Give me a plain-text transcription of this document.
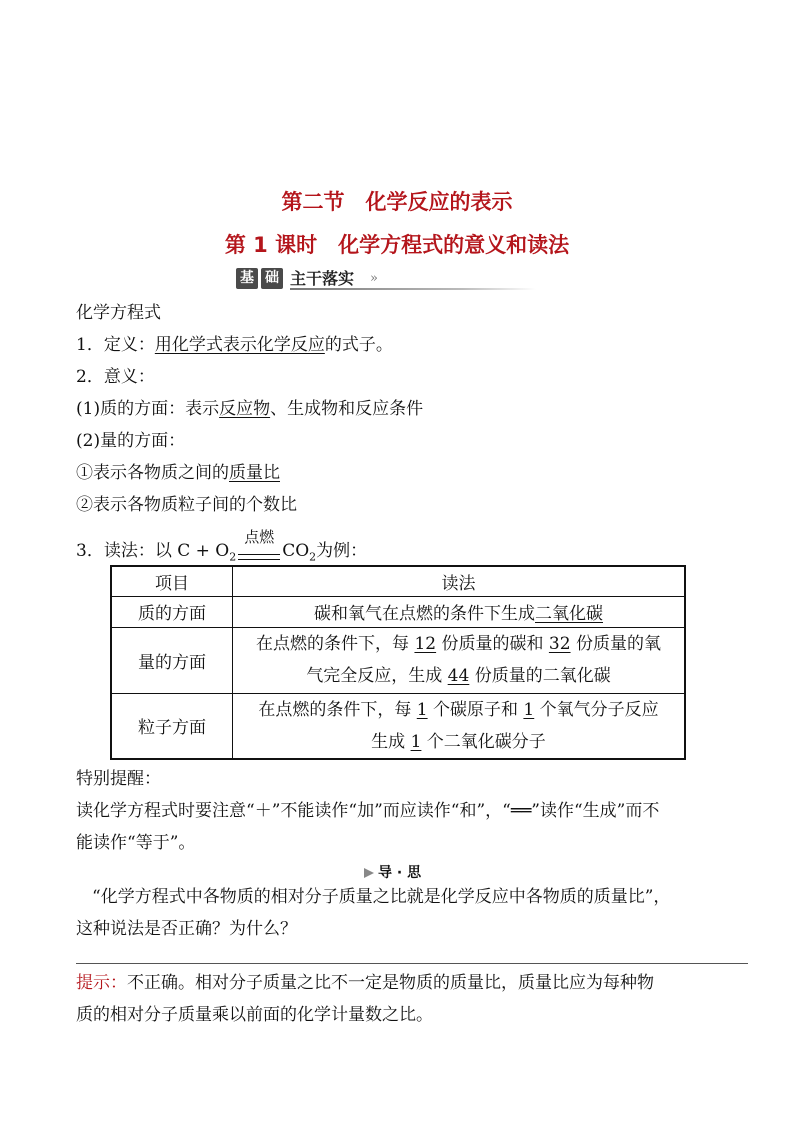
第二节　化学反应的表示
第 1 课时　化学方程式的意义和读法
基 础 主干落实 »
化学方程式
1．定义：用化学式表示化学反应的式子。
2．意义：
(1)质的方面：表示反应物、生成物和反应条件
(2)量的方面：
①表示各物质之间的质量比
②表示各物质粒子间的个数比
3．读法：以 $C + O_2$
点燃
$CO_2$为例：
项目	读法
质的方面	碳和氧气在点燃的条件下生成二氧化碳
量的方面	在点燃的条件下，每 12 份质量的碳和 32 份质量的氧
气完全反应，生成 44 份质量的二氧化碳
粒子方面	在点燃的条件下，每 1 个碳原子和 1 个氧气分子反应
生成 1 个二氧化碳分子
特别提醒：
读化学方程式时要注意“＋”不能读作“加”而应读作“和”，“══”读作“生成”而不
能读作“等于”。
导 · 思
“化学方程式中各物质的相对分子质量之比就是化学反应中各物质的质量比”，
这种说法是否正确？为什么？
提示：不正确。相对分子质量之比不一定是物质的质量比，质量比应为每种物
质的相对分子质量乘以前面的化学计量数之比。
